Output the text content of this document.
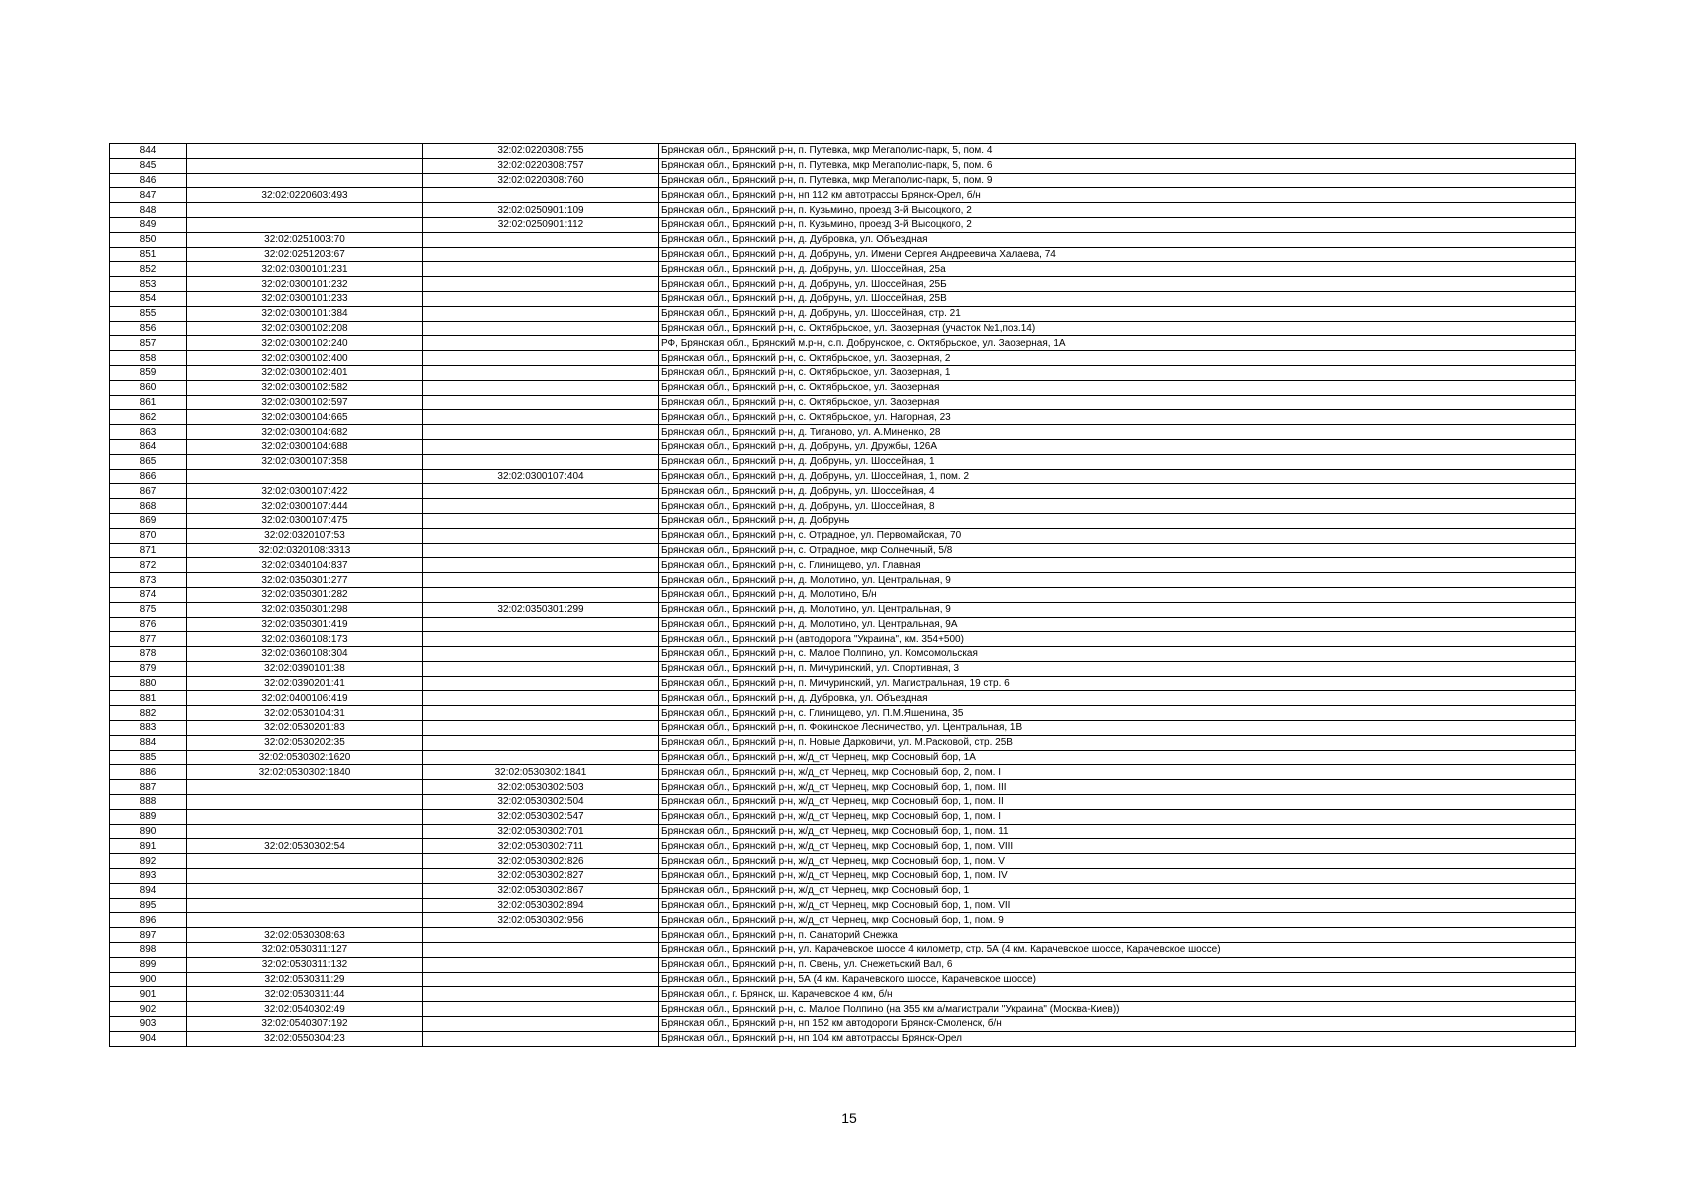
844		32:02:0220308:755	Брянская обл., Брянский р-н, п. Путевка, мкр Мегаполис-парк, 5, пом. 4
845		32:02:0220308:757	Брянская обл., Брянский р-н, п. Путевка, мкр Мегаполис-парк, 5, пом. 6
846		32:02:0220308:760	Брянская обл., Брянский р-н, п. Путевка, мкр Мегаполис-парк, 5, пом. 9
847	32:02:0220603:493		Брянская обл., Брянский р-н, нп 112 км автотрассы Брянск-Орел, б/н
848		32:02:0250901:109	Брянская обл., Брянский р-н, п. Кузьмино, проезд 3-й Высоцкого, 2
849		32:02:0250901:112	Брянская обл., Брянский р-н, п. Кузьмино, проезд 3-й Высоцкого, 2
850	32:02:0251003:70		Брянская обл., Брянский р-н, д. Дубровка, ул. Объездная
851	32:02:0251203:67		Брянская обл., Брянский р-н, д. Добрунь, ул. Имени Сергея Андреевича Халаева, 74
852	32:02:0300101:231		Брянская обл., Брянский р-н, д. Добрунь, ул. Шоссейная, 25а
853	32:02:0300101:232		Брянская обл., Брянский р-н, д. Добрунь, ул. Шоссейная, 25Б
854	32:02:0300101:233		Брянская обл., Брянский р-н, д. Добрунь, ул. Шоссейная, 25В
855	32:02:0300101:384		Брянская обл., Брянский р-н, д. Добрунь, ул. Шоссейная, стр. 21
856	32:02:0300102:208		Брянская обл., Брянский р-н, с. Октябрьское, ул. Заозерная (участок №1,поз.14)
857	32:02:0300102:240		РФ, Брянская обл., Брянский м.р-н, с.п. Добрунское, с. Октябрьское, ул. Заозерная, 1А
858	32:02:0300102:400		Брянская обл., Брянский р-н, с. Октябрьское, ул. Заозерная, 2
859	32:02:0300102:401		Брянская обл., Брянский р-н, с. Октябрьское, ул. Заозерная, 1
860	32:02:0300102:582		Брянская обл., Брянский р-н, с. Октябрьское, ул. Заозерная
861	32:02:0300102:597		Брянская обл., Брянский р-н, с. Октябрьское, ул. Заозерная
862	32:02:0300104:665		Брянская обл., Брянский р-н, с. Октябрьское, ул. Нагорная, 23
863	32:02:0300104:682		Брянская обл., Брянский р-н, д. Тиганово, ул. А.Миненко, 28
864	32:02:0300104:688		Брянская обл., Брянский р-н, д. Добрунь, ул. Дружбы, 126А
865	32:02:0300107:358		Брянская обл., Брянский р-н, д. Добрунь, ул. Шоссейная, 1
866		32:02:0300107:404	Брянская обл., Брянский р-н, д. Добрунь, ул. Шоссейная, 1, пом. 2
867	32:02:0300107:422		Брянская обл., Брянский р-н, д. Добрунь, ул. Шоссейная, 4
868	32:02:0300107:444		Брянская обл., Брянский р-н, д. Добрунь, ул. Шоссейная, 8
869	32:02:0300107:475		Брянская обл., Брянский р-н, д. Добрунь
870	32:02:0320107:53		Брянская обл., Брянский р-н, с. Отрадное, ул. Первомайская, 70
871	32:02:0320108:3313		Брянская обл., Брянский р-н, с. Отрадное, мкр Солнечный, 5/8
872	32:02:0340104:837		Брянская обл., Брянский р-н, с. Глинищево, ул. Главная
873	32:02:0350301:277		Брянская обл., Брянский р-н, д. Молотино, ул. Центральная, 9
874	32:02:0350301:282		Брянская обл., Брянский р-н, д. Молотино, Б/н
875	32:02:0350301:298	32:02:0350301:299	Брянская обл., Брянский р-н, д. Молотино, ул. Центральная, 9
876	32:02:0350301:419		Брянская обл., Брянский р-н, д. Молотино, ул. Центральная, 9А
877	32:02:0360108:173		Брянская обл., Брянский р-н (автодорога "Украина", км. 354+500)
878	32:02:0360108:304		Брянская обл., Брянский р-н, с. Малое Полпино, ул. Комсомольская
879	32:02:0390101:38		Брянская обл., Брянский р-н, п. Мичуринский, ул. Спортивная, 3
880	32:02:0390201:41		Брянская обл., Брянский р-н, п. Мичуринский, ул. Магистральная, 19 стр. 6
881	32:02:0400106:419		Брянская обл., Брянский р-н, д. Дубровка, ул. Объездная
882	32:02:0530104:31		Брянская обл., Брянский р-н, с. Глинищево, ул. П.М.Яшенина, 35
883	32:02:0530201:83		Брянская обл., Брянский р-н, п. Фокинское Лесничество, ул. Центральная, 1В
884	32:02:0530202:35		Брянская обл., Брянский р-н, п. Новые Дарковичи, ул. М.Расковой, стр. 25В
885	32:02:0530302:1620		Брянская обл., Брянский р-н, ж/д_ст Чернец, мкр Сосновый бор, 1А
886	32:02:0530302:1840	32:02:0530302:1841	Брянская обл., Брянский р-н, ж/д_ст Чернец, мкр Сосновый бор, 2, пом. I
887		32:02:0530302:503	Брянская обл., Брянский р-н, ж/д_ст Чернец, мкр Сосновый бор, 1, пом. III
888		32:02:0530302:504	Брянская обл., Брянский р-н, ж/д_ст Чернец, мкр Сосновый бор, 1, пом. II
889		32:02:0530302:547	Брянская обл., Брянский р-н, ж/д_ст Чернец, мкр Сосновый бор, 1, пом. I
890		32:02:0530302:701	Брянская обл., Брянский р-н, ж/д_ст Чернец, мкр Сосновый бор, 1, пом. 11
891	32:02:0530302:54	32:02:0530302:711	Брянская обл., Брянский р-н, ж/д_ст Чернец, мкр Сосновый бор, 1, пом. VIII
892		32:02:0530302:826	Брянская обл., Брянский р-н, ж/д_ст Чернец, мкр Сосновый бор, 1, пом. V
893		32:02:0530302:827	Брянская обл., Брянский р-н, ж/д_ст Чернец, мкр Сосновый бор, 1, пом. IV
894		32:02:0530302:867	Брянская обл., Брянский р-н, ж/д_ст Чернец, мкр Сосновый бор, 1
895		32:02:0530302:894	Брянская обл., Брянский р-н, ж/д_ст Чернец, мкр Сосновый бор, 1, пом. VII
896		32:02:0530302:956	Брянская обл., Брянский р-н, ж/д_ст Чернец, мкр Сосновый бор, 1, пом. 9
897	32:02:0530308:63		Брянская обл., Брянский р-н, п. Санаторий Снежка
898	32:02:0530311:127		Брянская обл., Брянский р-н, ул. Карачевское шоссе 4 километр, стр. 5А (4 км. Карачевское шоссе, Карачевское шоссе)
899	32:02:0530311:132		Брянская обл., Брянский р-н, п. Свень, ул. Снежетьский Вал, 6
900	32:02:0530311:29		Брянская обл., Брянский р-н, 5А (4 км. Карачевского шоссе, Карачевское шоссе)
901	32:02:0530311:44		Брянская обл., г. Брянск, ш. Карачевское 4 км, б/н
902	32:02:0540302:49		Брянская обл., Брянский р-н, с. Малое Полпино (на 355 км а/магистрали "Украина" (Москва-Киев))
903	32:02:0540307:192		Брянская обл., Брянский р-н, нп 152 км автодороги Брянск-Смоленск, б/н
904	32:02:0550304:23		Брянская обл., Брянский р-н, нп 104 км автотрассы Брянск-Орел
15
